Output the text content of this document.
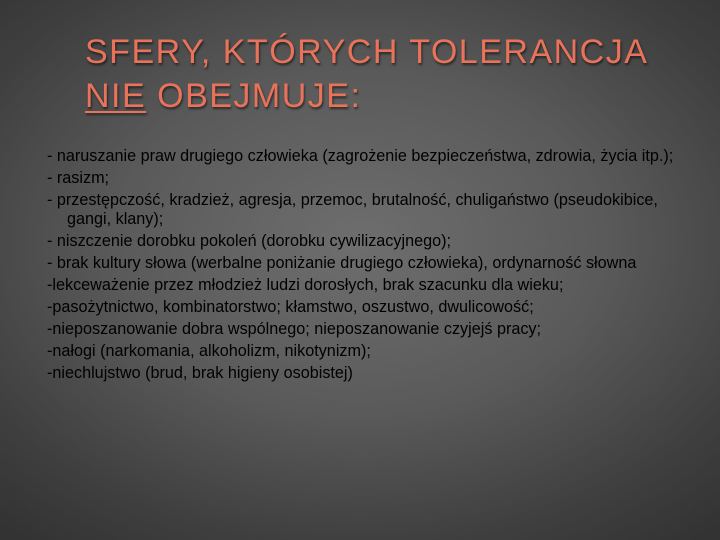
SFERY, KTÓRYCH TOLERANCJA
NIE OBEJMUJE:
- naruszanie praw drugiego człowieka (zagrożenie bezpieczeństwa, zdrowia, życia itp.);
- rasizm;
- przestępczość, kradzież, agresja, przemoc, brutalność, chuligaństwo (pseudokibice, gangi, klany);
- niszczenie dorobku pokoleń (dorobku cywilizacyjnego);
- brak kultury słowa (werbalne poniżanie drugiego człowieka), ordynarność słowna
-lekceważenie przez młodzież ludzi dorosłych, brak szacunku dla wieku;
-pasożytnictwo, kombinatorstwo; kłamstwo, oszustwo, dwulicowość;
-nieposzanowanie dobra wspólnego; nieposzanowanie czyjejś pracy;
-nałogi (narkomania, alkoholizm, nikotynizm);
-niechlujstwo (brud, brak higieny osobistej)
